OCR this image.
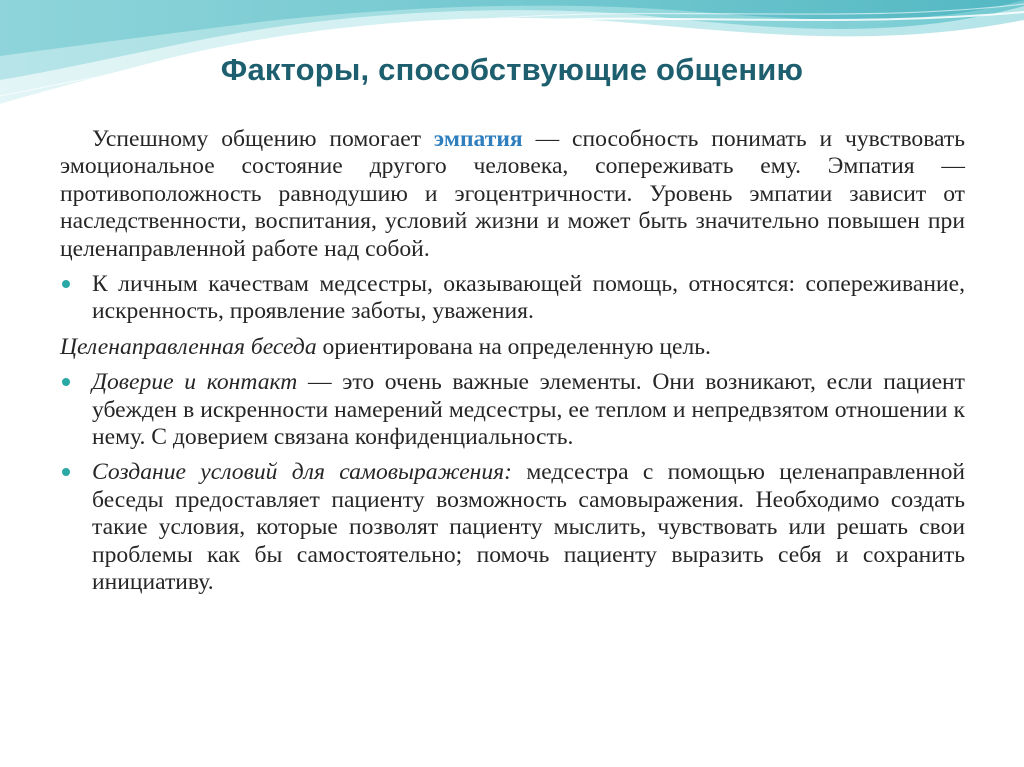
Факторы, способствующие общению

Успешному общению помогает эмпатия — способность понимать и чувствовать эмоциональное состояние другого человека, сопереживать ему. Эмпатия — противоположность равнодушию и эгоцентричности. Уровень эмпатии зависит от наследственности, воспитания, условий жизни и может быть значительно повышен при целенаправленной работе над собой.

К личным качествам медсестры, оказывающей помощь, относятся: сопереживание, искренность, проявление заботы, уважения.

Целенаправленная беседа ориентирована на определенную цель.

Доверие и контакт — это очень важные элементы. Они возникают, если пациент убежден в искренности намерений медсестры, ее теплом и непредвзятом отношении к нему. С доверием связана конфиденциальность.
Создание условий для самовыражения: медсестра с помощью целенаправленной беседы предоставляет пациенту возможность самовыражения. Необходимо создать такие условия, которые позволят пациенту мыслить, чувствовать или решать свои проблемы как бы самостоятельно; помочь пациенту выразить себя и сохранить инициативу.
